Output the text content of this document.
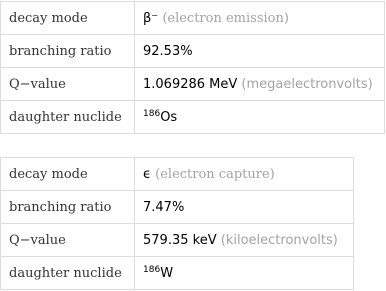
decay mode	β⁻ (electron emission)
branching ratio	92.53%
Q−value	1.069286 MeV (megaelectronvolts)
daughter nuclide	$^{186}$Os
decay mode	ϵ (electron capture)
branching ratio	7.47%
Q−value	579.35 keV (kiloelectronvolts)
daughter nuclide	$^{186}$W
